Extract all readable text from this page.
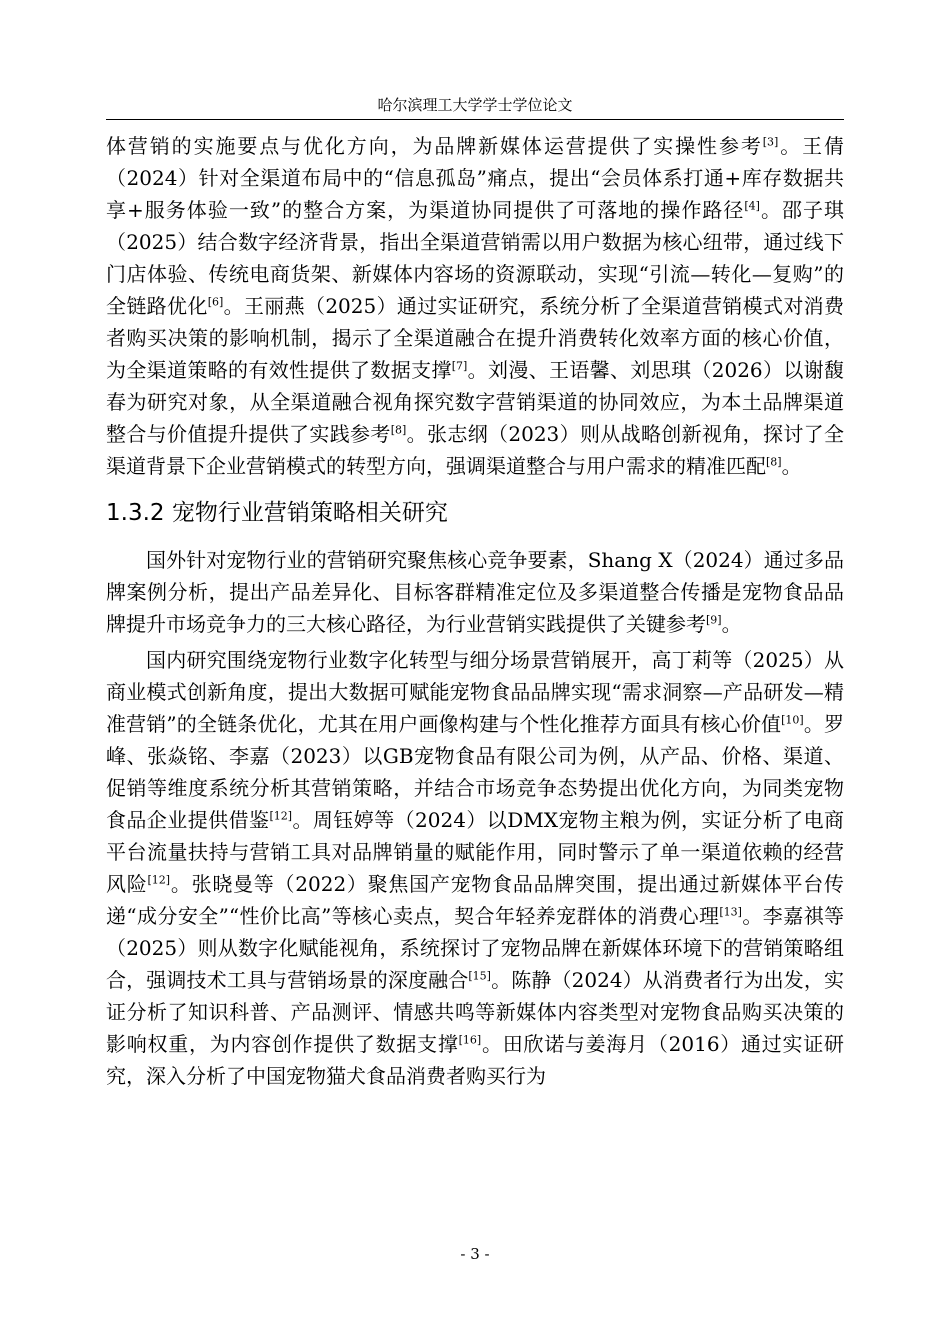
哈尔滨理工大学学士学位论文

体营销的实施要点与优化方向，为品牌新媒体运营提供了实操性参考[3]。王倩（2024）针对全渠道布局中的“信息孤岛”痛点，提出“会员体系打通+库存数据共享+服务体验一致”的整合方案，为渠道协同提供了可落地的操作路径[4]。邵子琪（2025）结合数字经济背景，指出全渠道营销需以用户数据为核心纽带，通过线下门店体验、传统电商货架、新媒体内容场的资源联动，实现“引流—转化—复购”的全链路优化[6]。王丽燕（2025）通过实证研究，系统分析了全渠道营销模式对消费者购买决策的影响机制，揭示了全渠道融合在提升消费转化效率方面的核心价值，为全渠道策略的有效性提供了数据支撑[7]。刘漫、王语馨、刘思琪（2026）以谢馥春为研究对象，从全渠道融合视角探究数字营销渠道的协同效应，为本土品牌渠道整合与价值提升提供了实践参考[8]。张志纲（2023）则从战略创新视角，探讨了全渠道背景下企业营销模式的转型方向，强调渠道整合与用户需求的精准匹配[8]。

1.3.2 宠物行业营销策略相关研究

国外针对宠物行业的营销研究聚焦核心竞争要素，Shang X（2024）通过多品牌案例分析，提出产品差异化、目标客群精准定位及多渠道整合传播是宠物食品品牌提升市场竞争力的三大核心路径，为行业营销实践提供了关键参考[9]。

国内研究围绕宠物行业数字化转型与细分场景营销展开，高丁莉等（2025）从商业模式创新角度，提出大数据可赋能宠物食品品牌实现“需求洞察—产品研发—精准营销”的全链条优化，尤其在用户画像构建与个性化推荐方面具有核心价值[10]。罗峰、张焱铭、李嘉（2023）以GB宠物食品有限公司为例，从产品、价格、渠道、促销等维度系统分析其营销策略，并结合市场竞争态势提出优化方向，为同类宠物食品企业提供借鉴[12]。周钰婷等（2024）以DMX宠物主粮为例，实证分析了电商平台流量扶持与营销工具对品牌销量的赋能作用，同时警示了单一渠道依赖的经营风险[12]。张晓曼等（2022）聚焦国产宠物食品品牌突围，提出通过新媒体平台传递“成分安全”“性价比高”等核心卖点，契合年轻养宠群体的消费心理[13]。李嘉祺等（2025）则从数字化赋能视角，系统探讨了宠物品牌在新媒体环境下的营销策略组合，强调技术工具与营销场景的深度融合[15]。陈静（2024）从消费者行为出发，实证分析了知识科普、产品测评、情感共鸣等新媒体内容类型对宠物食品购买决策的影响权重，为内容创作提供了数据支撑[16]。田欣诺与姜海月（2016）通过实证研究，深入分析了中国宠物猫犬食品消费者购买行为

- 3 -
